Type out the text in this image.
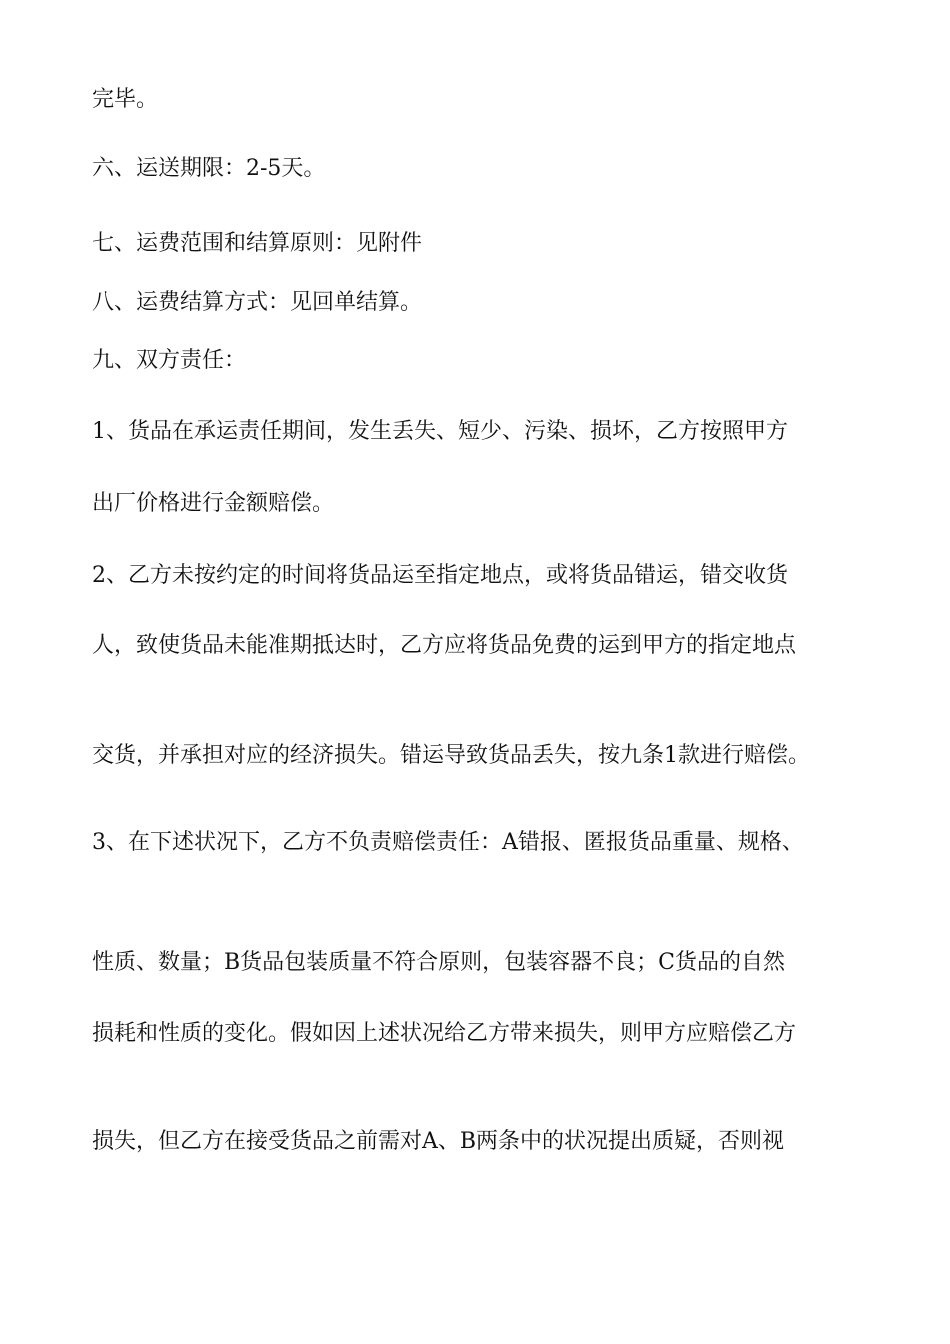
完毕。
六、运送期限：2-5天。
七、运费范围和结算原则：见附件
八、运费结算方式：见回单结算。
九、双方责任：
1、货品在承运责任期间，发生丢失、短少、污染、损坏，乙方按照甲方
出厂价格进行金额赔偿。
2、乙方未按约定的时间将货品运至指定地点，或将货品错运，错交收货
人，致使货品未能准期抵达时，乙方应将货品免费的运到甲方的指定地点
交货，并承担对应的经济损失。错运导致货品丢失，按九条1款进行赔偿。
3、在下述状况下，乙方不负责赔偿责任：A错报、匿报货品重量、规格、
性质、数量；B货品包装质量不符合原则，包装容器不良；C货品的自然
损耗和性质的变化。假如因上述状况给乙方带来损失，则甲方应赔偿乙方
损失，但乙方在接受货品之前需对A、B两条中的状况提出质疑，否则视
